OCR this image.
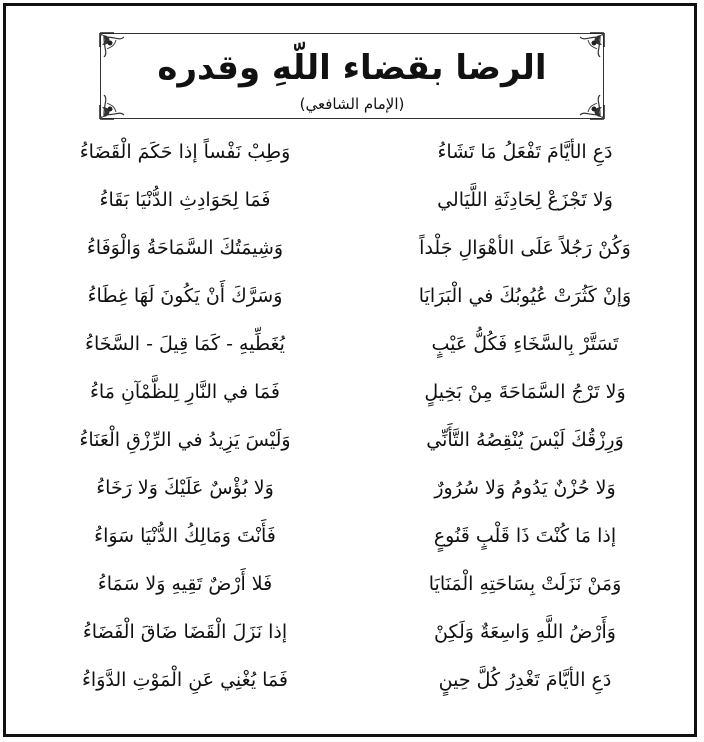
الرضا بقضاء اللّهِ وقدره
(الإمام الشافعي)
دَعِ الأيَّامَ تَفْعَلُ مَا تَشَاءُ
وَطِبْ نَفْساً إذا حَكَمَ الْقَضَاءُ
وَلا تَجْزَعْ لِحَادِثَةِ اللَّيَالي
فَمَا لِحَوَادِثِ الدُّنْيَا بَقَاءُ
وَكُنْ رَجُلاً عَلَى الأهْوَالِ جَلْداً
وَشِيمَتُكَ السَّمَاحَةُ وَالْوَفَاءُ
وَإنْ كَثُرَتْ عُيُوبُكَ في الْبَرَايَا
وَسَرَّكَ أَنْ يَكُونَ لَهَا غِطَاءُ
تَسَتَّرْ بِالسَّخَاءِ فَكُلُّ عَيْبٍ
يُغَطِّيهِ - كَمَا قِيلَ - السَّخَاءُ
وَلا تَرْجُ السَّمَاحَةَ مِنْ بَخِيلٍ
فَمَا في النَّارِ لِلظَّمْآنِ مَاءُ
وَرِزْقُكَ لَيْسَ يُنْقِصُهُ التَّأَنِّي
وَلَيْسَ يَزِيدُ في الرِّزْقِ الْعَنَاءُ
وَلا حُزْنٌ يَدُومُ وَلا سُرُورٌ
وَلا بُؤْسٌ عَلَيْكَ وَلا رَخَاءُ
إذا مَا كُنْتَ ذَا قَلْبٍ قَنُوعٍ
فَأَنْتَ وَمَالِكُ الدُّنْيَا سَوَاءُ
وَمَنْ نَزَلَتْ بِسَاحَتِهِ الْمَنَايَا
فَلا أَرْضٌ تَقِيهِ وَلا سَمَاءُ
وَأَرْضُ اللَّهِ وَاسِعَةٌ وَلَكِنْ
إذا نَزَلَ الْقَضَا ضَاقَ الْفَضَاءُ
دَعِ الأيَّامَ تَغْدِرُ كُلَّ حِينٍ
فَمَا يُغْنِي عَنِ الْمَوْتِ الدَّوَاءُ
